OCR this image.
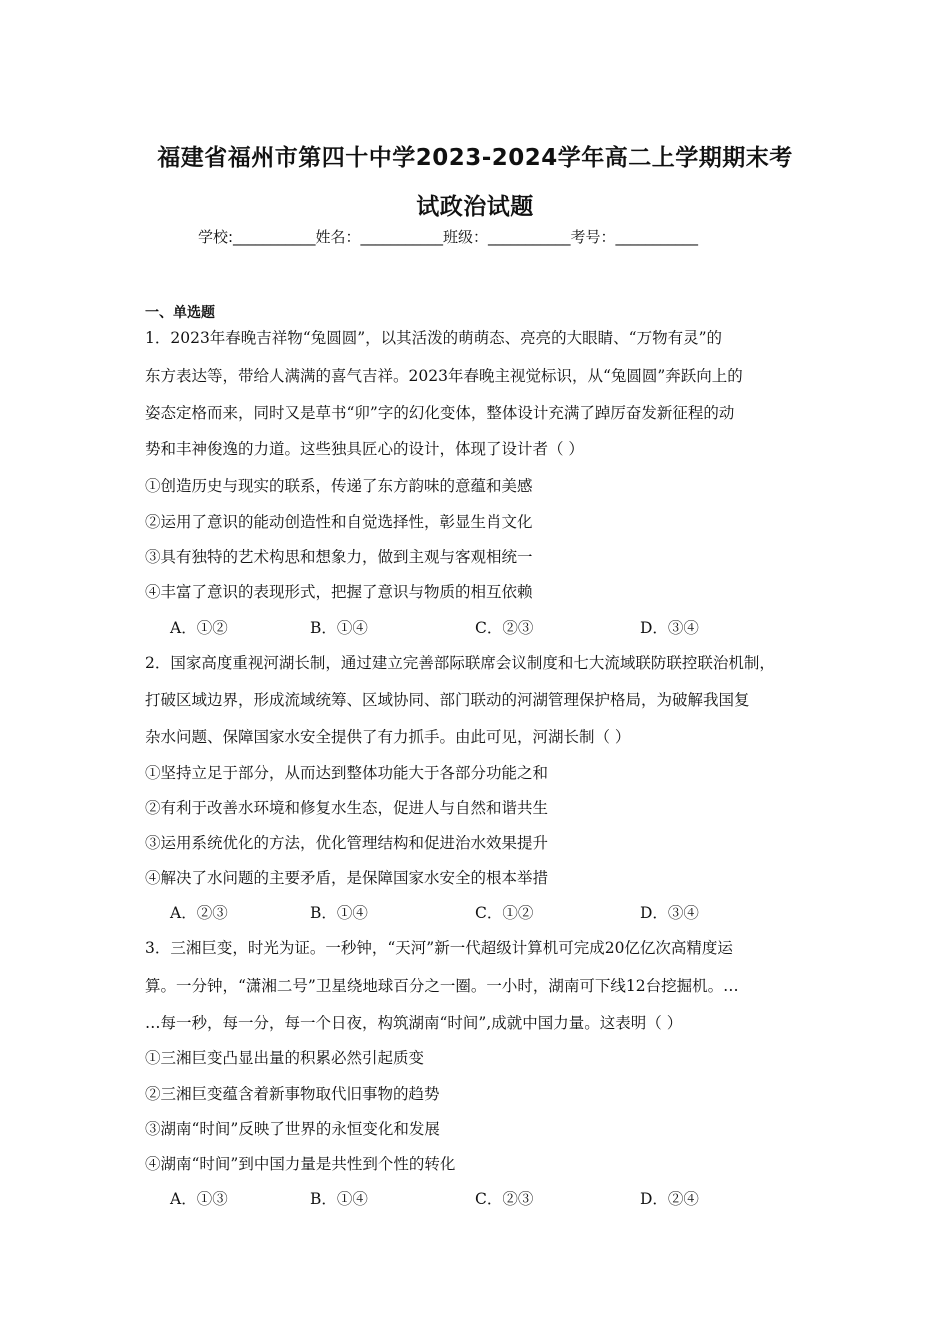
福建省福州市第四十中学2023-2024学年高二上学期期末考
试政治试题
学校:___________姓名：___________班级：___________考号：___________
一、单选题
1．2023年春晚吉祥物“兔圆圆”，以其活泼的萌萌态、亮亮的大眼睛、“万物有灵”的
东方表达等，带给人满满的喜气吉祥。2023年春晚主视觉标识，从“兔圆圆”奔跃向上的
姿态定格而来，同时又是草书“卯”字的幻化变体，整体设计充满了踔厉奋发新征程的动
势和丰神俊逸的力道。这些独具匠心的设计，体现了设计者（ ）
①创造历史与现实的联系，传递了东方韵味的意蕴和美感
②运用了意识的能动创造性和自觉选择性，彰显生肖文化
③具有独特的艺术构思和想象力，做到主观与客观相统一
④丰富了意识的表现形式，把握了意识与物质的相互依赖
A．①②	B．①④	C．②③	D．③④
2．国家高度重视河湖长制，通过建立完善部际联席会议制度和七大流域联防联控联治机制，
打破区域边界，形成流域统筹、区域协同、部门联动的河湖管理保护格局，为破解我国复
杂水问题、保障国家水安全提供了有力抓手。由此可见，河湖长制（ ）
①坚持立足于部分，从而达到整体功能大于各部分功能之和
②有利于改善水环境和修复水生态，促进人与自然和谐共生
③运用系统优化的方法，优化管理结构和促进治水效果提升
④解决了水问题的主要矛盾，是保障国家水安全的根本举措
A．②③	B．①④	C．①②	D．③④
3．三湘巨变，时光为证。一秒钟，“天河”新一代超级计算机可完成20亿亿次高精度运
算。一分钟，“潇湘二号”卫星绕地球百分之一圈。一小时，湖南可下线12台挖掘机。…
…每一秒，每一分，每一个日夜，构筑湖南“时间”,成就中国力量。这表明（ ）
①三湘巨变凸显出量的积累必然引起质变
②三湘巨变蕴含着新事物取代旧事物的趋势
③湖南“时间”反映了世界的永恒变化和发展
④湖南“时间”到中国力量是共性到个性的转化
A．①③	B．①④	C．②③	D．②④
